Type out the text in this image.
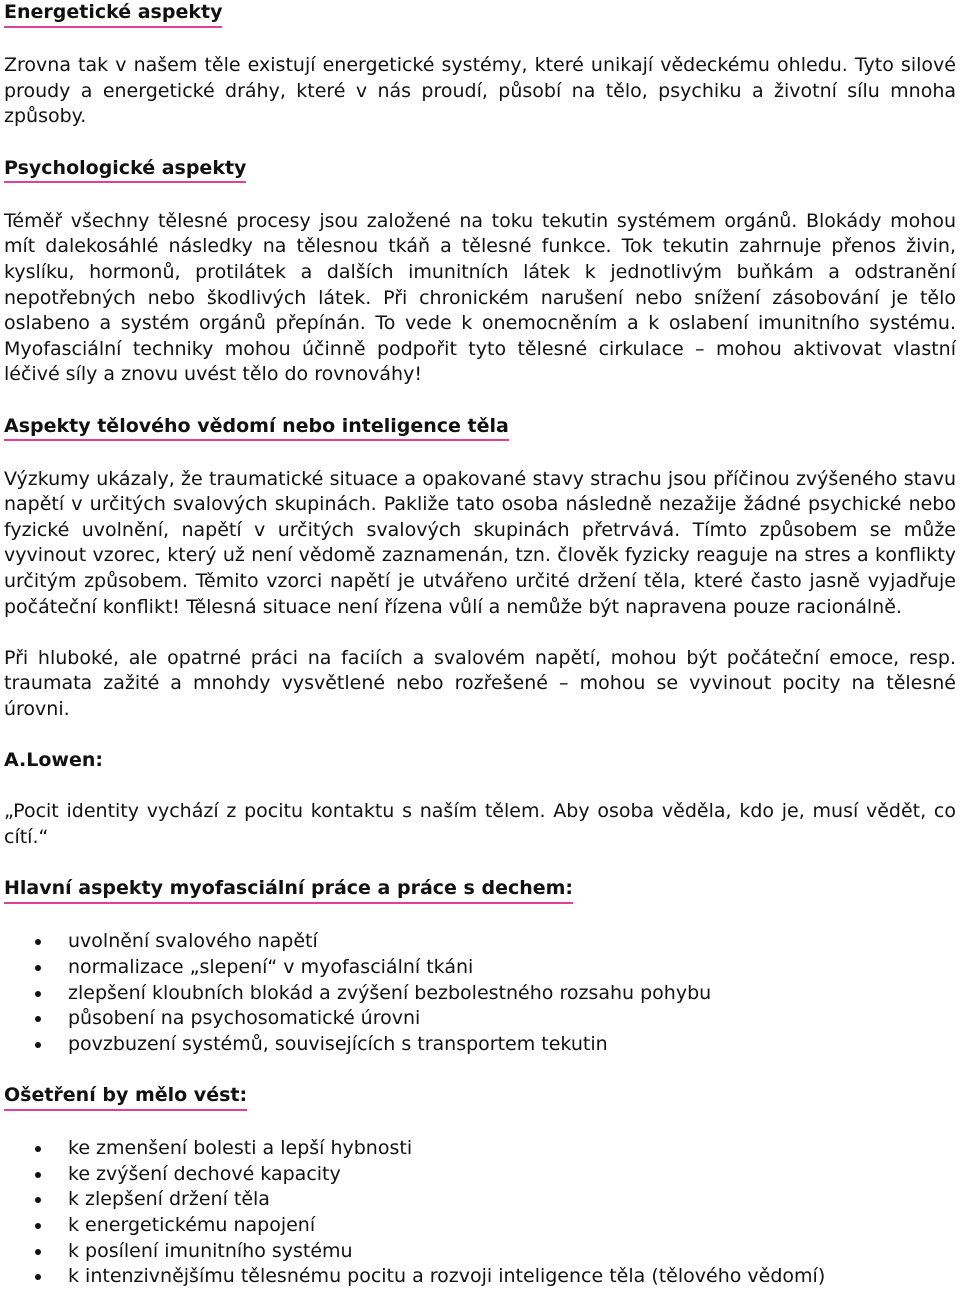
Energetické aspekty

Zrovna tak v našem těle existují energetické systémy, které unikají vědeckému ohledu. Tyto silové proudy a energetické dráhy, které v nás proudí, působí na tělo, psychiku a životní sílu mnoha způsoby.

Psychologické aspekty

Téměř všechny tělesné procesy jsou založené na toku tekutin systémem orgánů. Blokády mohou mít dalekosáhlé následky na tělesnou tkáň a tělesné funkce. Tok tekutin zahrnuje přenos živin, kyslíku, hormonů, protilátek a dalších imunitních látek k jednotlivým buňkám a odstranění nepotřebných nebo škodlivých látek. Při chronickém narušení nebo snížení zásobování je tělo oslabeno a systém orgánů přepínán. To vede k onemocněním a k oslabení imunitního systému. Myofasciální techniky mohou účinně podpořit tyto tělesné cirkulace – mohou aktivovat vlastní léčivé síly a znovu uvést tělo do rovnováhy!

Aspekty tělového vědomí nebo inteligence těla

Výzkumy ukázaly, že traumatické situace a opakované stavy strachu jsou příčinou zvýšeného stavu napětí v určitých svalových skupinách. Pakliže tato osoba následně nezažije žádné psychické nebo fyzické uvolnění, napětí v určitých svalových skupinách přetrvává. Tímto způsobem se může vyvinout vzorec, který už není vědomě zaznamenán, tzn. člověk fyzicky reaguje na stres a konflikty určitým způsobem. Těmito vzorci napětí je utvářeno určité držení těla, které často jasně vyjadřuje počáteční konflikt! Tělesná situace není řízena vůlí a nemůže být napravena pouze racionálně.

Při hluboké, ale opatrné práci na faciích a svalovém napětí, mohou být počáteční emoce, resp. traumata zažité a mnohdy vysvětlené nebo rozřešené – mohou se vyvinout pocity na tělesné úrovni.

A.Lowen:

„Pocit identity vychází z pocitu kontaktu s naším tělem. Aby osoba věděla, kdo je, musí vědět, co cítí.“

Hlavní aspekty myofasciální práce a práce s dechem:
uvolnění svalového napětí
normalizace „slepení“ v myofasciální tkáni
zlepšení kloubních blokád a zvýšení bezbolestného rozsahu pohybu
působení na psychosomatické úrovni
povzbuzení systémů, souvisejících s transportem tekutin
Ošetření by mělo vést:
ke zmenšení bolesti a lepší hybnosti
ke zvýšení dechové kapacity
k zlepšení držení těla
k energetickému napojení
k posílení imunitního systému
k intenzivnějšímu tělesnému pocitu a rozvoji inteligence těla (tělového vědomí)
